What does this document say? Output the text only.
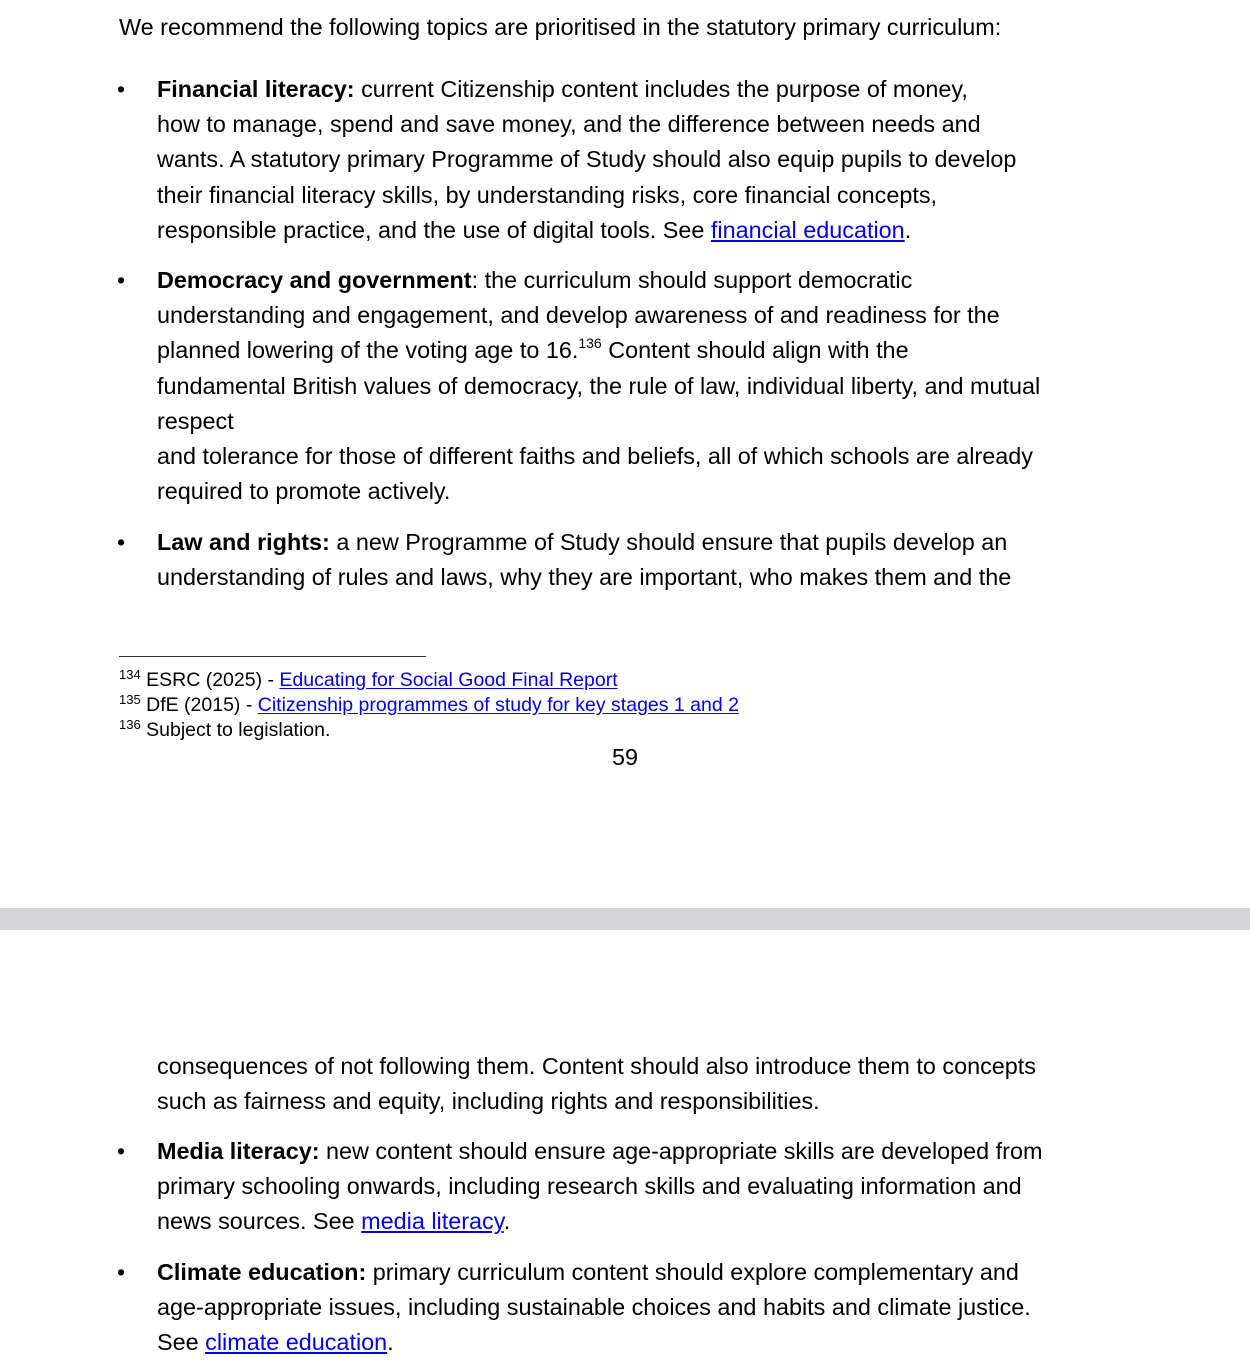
We recommend the following topics are prioritised in the statutory primary curriculum:
• Financial literacy: current Citizenship content includes the purpose of money,
how to manage, spend and save money, and the difference between needs and
wants. A statutory primary Programme of Study should also equip pupils to develop
their financial literacy skills, by understanding risks, core financial concepts,
responsible practice, and the use of digital tools. See financial education.
• Democracy and government: the curriculum should support democratic
understanding and engagement, and develop awareness of and readiness for the
planned lowering of the voting age to 16.$^{136}$ Content should align with the
fundamental British values of democracy, the rule of law, individual liberty, and mutual
respect
and tolerance for those of different faiths and beliefs, all of which schools are already
required to promote actively.
• Law and rights: a new Programme of Study should ensure that pupils develop an
understanding of rules and laws, why they are important, who makes them and the
$^{134}$ ESRC (2025) - Educating for Social Good Final Report
$^{135}$ DfE (2015) - Citizenship programmes of study for key stages 1 and 2
$^{136}$ Subject to legislation.
59
consequences of not following them. Content should also introduce them to concepts
such as fairness and equity, including rights and responsibilities.
• Media literacy: new content should ensure age-appropriate skills are developed from
primary schooling onwards, including research skills and evaluating information and
news sources. See media literacy.
• Climate education: primary curriculum content should explore complementary and
age-appropriate issues, including sustainable choices and habits and climate justice.
See climate education.
